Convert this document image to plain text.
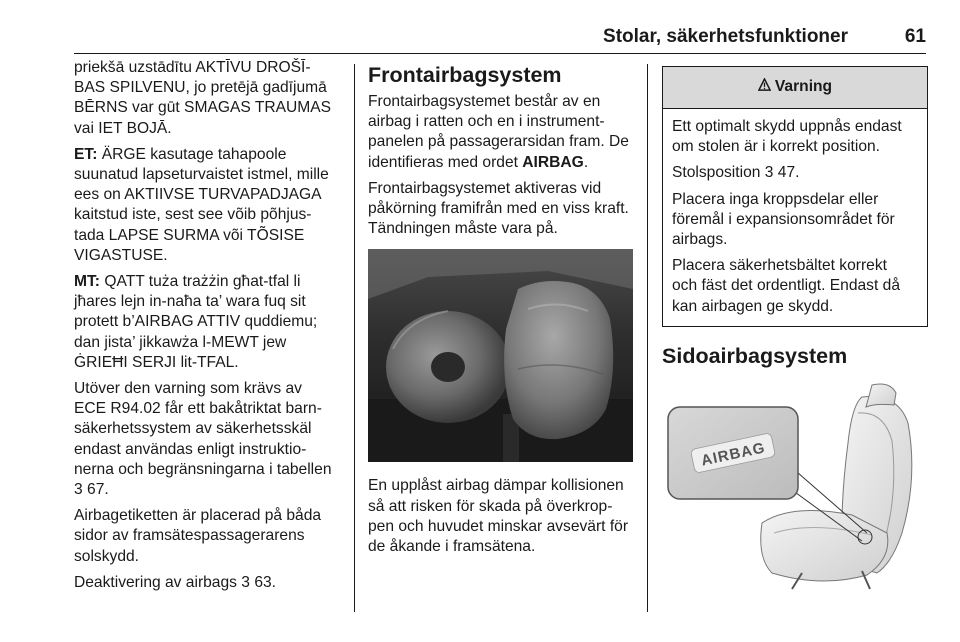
Stolar, säkerhetsfunktioner	61

priekšā uzstādītu AKTĪVU DROŠĪ-
BAS SPILVENU, jo pretējā gadījumā
BĒRNS var gūt SMAGAS TRAUMAS
vai IET BOJĀ.

ET: ÄRGE kasutage tahapoole
suunatud lapseturvaistet istmel, mille
ees on AKTIIVSE TURVAPADJAGA
kaitstud iste, sest see võib põhjus-
tada LAPSE SURMA või TÕSISE
VIGASTUSE.

MT: QATT tuża trażżin għat-tfal li
jħares lejn in-naħa ta’ wara fuq sit
protett b’AIRBAG ATTIV quddiemu;
dan jista’ jikkawża l-MEWT jew
ĠRIEĦI SERJI lit-TFAL.

Utöver den varning som krävs av
ECE R94.02 får ett bakåtriktat barn-
säkerhetssystem av säkerhetsskäl
endast användas enligt instruktio-
nerna och begränsningarna i tabellen
3 67.

Airbagetiketten är placerad på båda
sidor av framsätespassagerarens
solskydd.

Deaktivering av airbags 3 63.

Frontairbagsystem

Frontairbagsystemet består av en
airbag i ratten och en i instrument-
panelen på passagerarsidan fram. De
identifieras med ordet AIRBAG.

Frontairbagsystemet aktiveras vid
påkörning framifrån med en viss kraft.
Tändningen måste vara på.

En upplåst airbag dämpar kollisionen
så att risken för skada på överkrop-
pen och huvudet minskar avsevärt för
de åkande i framsätena.

Varning

Ett optimalt skydd uppnås endast
om stolen är i korrekt position.

Stolsposition 3 47.

Placera inga kroppsdelar eller
föremål i expansionsområdet för
airbags.

Placera säkerhetsbältet korrekt
och fäst det ordentligt. Endast då
kan airbagen ge skydd.

Sidoairbagsystem
AIRBAG
